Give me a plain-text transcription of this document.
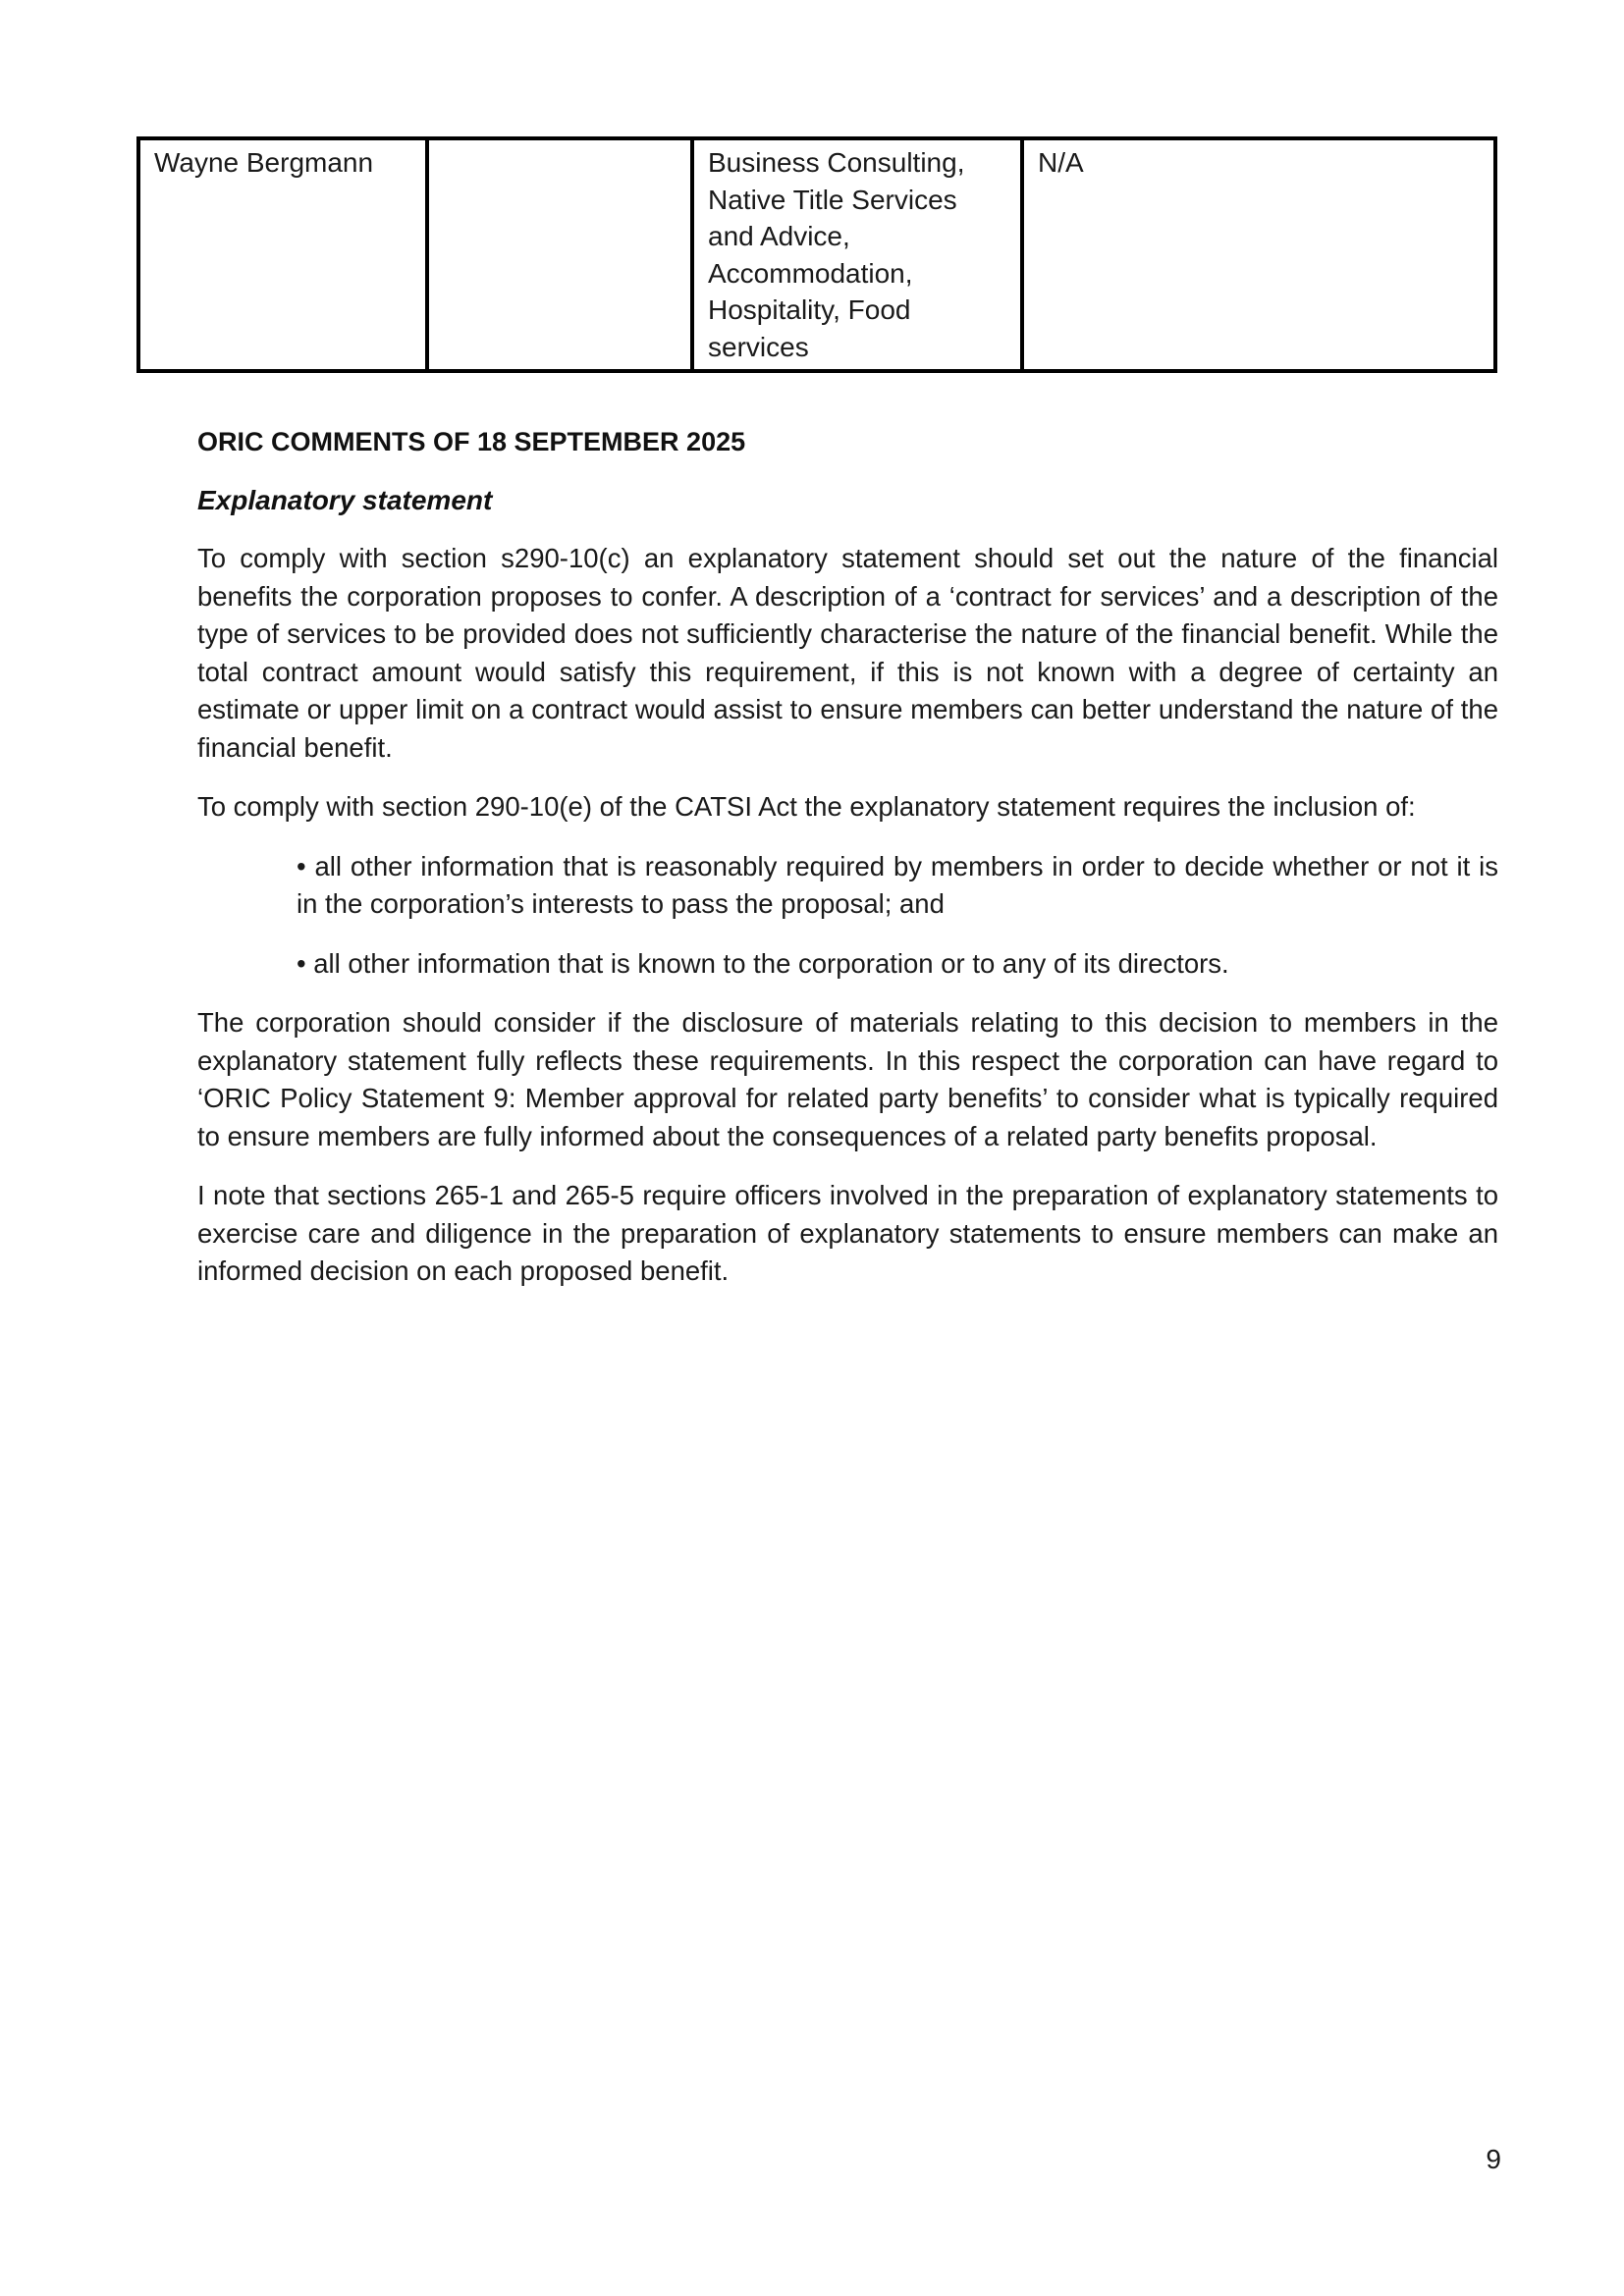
Wayne Bergmann		Business Consulting, Native Title Services and Advice, Accommodation, Hospitality, Food services	N/A
ORIC COMMENTS OF 18 SEPTEMBER 2025
Explanatory statement

To comply with section s290-10(c) an explanatory statement should set out the nature of the financial benefits the corporation proposes to confer. A description of a ‘contract for services’ and a description of the type of services to be provided does not sufficiently characterise the nature of the financial benefit. While the total contract amount would satisfy this requirement, if this is not known with a degree of certainty an estimate or upper limit on a contract would assist to ensure members can better understand the nature of the financial benefit.

To comply with section 290-10(e) of the CATSI Act the explanatory statement requires the inclusion of:

• all other information that is reasonably required by members in order to decide whether or not it is in the corporation’s interests to pass the proposal; and

• all other information that is known to the corporation or to any of its directors.

The corporation should consider if the disclosure of materials relating to this decision to members in the explanatory statement fully reflects these requirements. In this respect the corporation can have regard to ‘ORIC Policy Statement 9: Member approval for related party benefits’ to consider what is typically required to ensure members are fully informed about the consequences of a related party benefits proposal.

I note that sections 265-1 and 265-5 require officers involved in the preparation of explanatory statements to exercise care and diligence in the preparation of explanatory statements to ensure members can make an informed decision on each proposed benefit.

9
